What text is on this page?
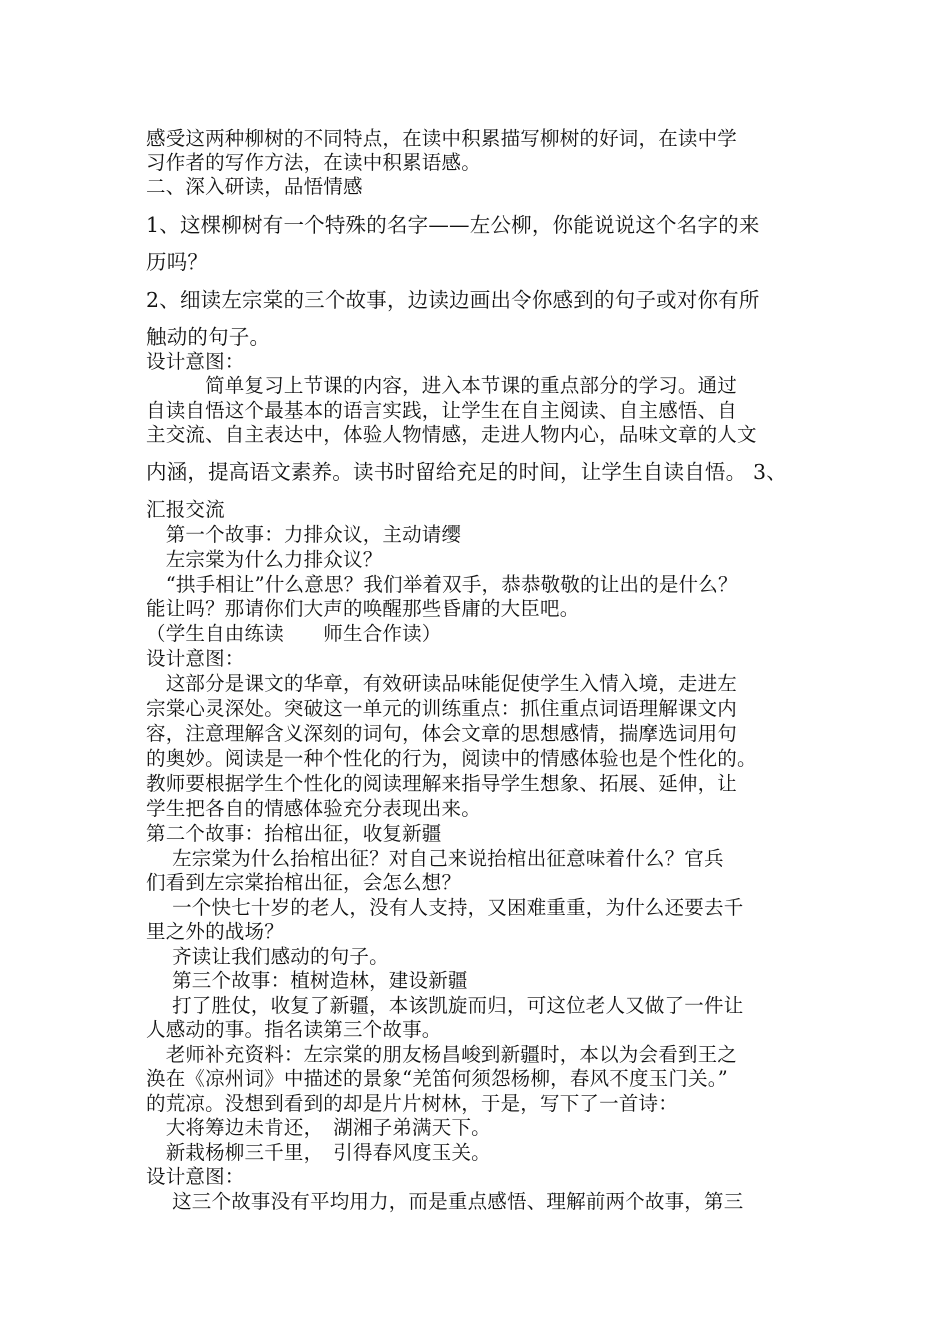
感受这两种柳树的不同特点，在读中积累描写柳树的好词，在读中学
习作者的写作方法，在读中积累语感。
二、深入研读，品悟情感
1、这棵柳树有一个特殊的名字——左公柳，你能说说这个名字的来
历吗？
2、细读左宗棠的三个故事，边读边画出令你感到的句子或对你有所
触动的句子。
设计意图：
　　　简单复习上节课的内容，进入本节课的重点部分的学习。通过
自读自悟这个最基本的语言实践，让学生在自主阅读、自主感悟、自
主交流、自主表达中，体验人物情感，走进人物内心，品味文章的人文
内涵，提高语文素养。读书时留给充足的时间，让学生自读自悟。 3、
汇报交流
　第一个故事：力排众议，主动请缨
　左宗棠为什么力排众议？
　“拱手相让”什么意思？我们举着双手，恭恭敬敬的让出的是什么？
能让吗？那请你们大声的唤醒那些昏庸的大臣吧。
（学生自由练读　　师生合作读）
设计意图：
　这部分是课文的华章，有效研读品味能促使学生入情入境，走进左
宗棠心灵深处。突破这一单元的训练重点：抓住重点词语理解课文内
容，注意理解含义深刻的词句，体会文章的思想感情，揣摩选词用句
的奥妙。阅读是一种个性化的行为，阅读中的情感体验也是个性化的。
教师要根据学生个性化的阅读理解来指导学生想象、拓展、延伸，让
学生把各自的情感体验充分表现出来。
第二个故事：抬棺出征，收复新疆
　 左宗棠为什么抬棺出征？对自己来说抬棺出征意味着什么？官兵
们看到左宗棠抬棺出征，会怎么想？
　 一个快七十岁的老人，没有人支持，又困难重重，为什么还要去千
里之外的战场？
　 齐读让我们感动的句子。
　 第三个故事：植树造林，建设新疆
　 打了胜仗，收复了新疆，本该凯旋而归，可这位老人又做了一件让
人感动的事。指名读第三个故事。
　老师补充资料：左宗棠的朋友杨昌峻到新疆时，本以为会看到王之
涣在《凉州词》中描述的景象“羌笛何须怨杨柳，春风不度玉门关。”
的荒凉。没想到看到的却是片片树林，于是，写下了一首诗：
　大将筹边未肯还，　湖湘子弟满天下。
　新栽杨柳三千里，　引得春风度玉关。
设计意图：
　 这三个故事没有平均用力，而是重点感悟、理解前两个故事，第三
